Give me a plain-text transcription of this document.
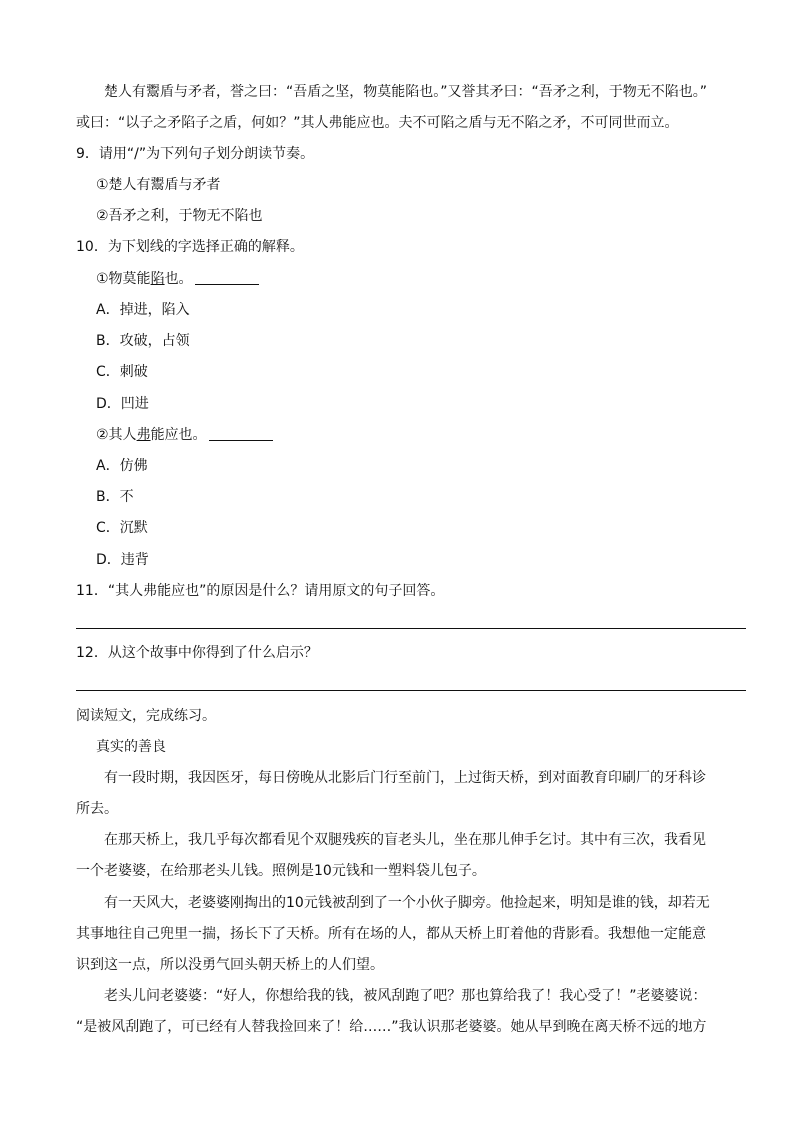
楚人有鬻盾与矛者，誉之曰：“吾盾之坚，物莫能陷也。”又誉其矛曰：“吾矛之利，于物无不陷也。”
或曰：“以子之矛陷子之盾，何如？”其人弗能应也。夫不可陷之盾与无不陷之矛，不可同世而立。
9．请用“/”为下列句子划分朗读节奏。
①楚人有鬻盾与矛者
②吾矛之利，于物无不陷也
10．为下划线的字选择正确的解释。
①物莫能陷也。
A．掉进，陷入
B．攻破，占领
C．刺破
D．凹进
②其人弗能应也。
A．仿佛
B．不
C．沉默
D．违背
11．“其人弗能应也”的原因是什么？请用原文的句子回答。
12．从这个故事中你得到了什么启示？
阅读短文，完成练习。
真实的善良
有一段时期，我因医牙，每日傍晚从北影后门行至前门，上过街天桥，到对面教育印刷厂的牙科诊
所去。
在那天桥上，我几乎每次都看见个双腿残疾的盲老头儿，坐在那儿伸手乞讨。其中有三次，我看见
一个老婆婆，在给那老头儿钱。照例是10元钱和一塑料袋儿包子。
有一天风大，老婆婆刚掏出的10元钱被刮到了一个小伙子脚旁。他捡起来，明知是谁的钱，却若无
其事地往自己兜里一揣，扬长下了天桥。所有在场的人，都从天桥上盯着他的背影看。我想他一定能意
识到这一点，所以没勇气回头朝天桥上的人们望。
老头儿问老婆婆：“好人，你想给我的钱，被风刮跑了吧？那也算给我了！我心受了！”老婆婆说：
“是被风刮跑了，可已经有人替我捡回来了！给……”我认识那老婆婆。她从早到晚在离天桥不远的地方
